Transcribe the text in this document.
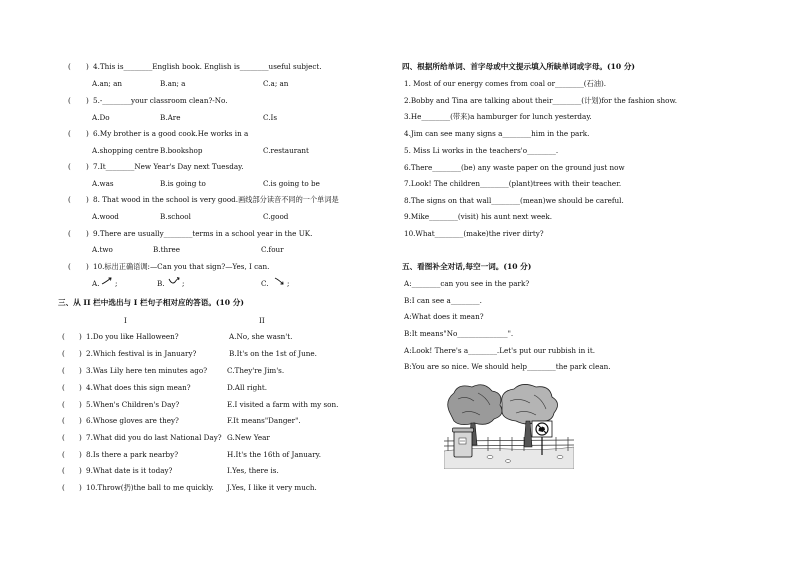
( ) 4.This is________English book. English is________useful subject.
A.an; an	B.an; a	C.a; an
( ) 5.-________your classroom clean?-No.
A.Do	B.Are	C.Is
( ) 6.My brother is a good cook.He works in a
A.shopping centre B.bookshop	C.restaurant
( ) 7.It________New Year's Day next Tuesday.
A.was	B.is going to	C.is going to be
( ) 8. That wood in the school is very good.画线部分读音不同的一个单词是
A.wood	B.school	C.good
( ) 9.There are usually________terms in a school year in the UK.
A.two	B.three	C.four
( ) 10.标出正确语调:—Can you that sign?—Yes, I can.
A. ;	B. ;	C.	;
三、从 II 栏中选出与 I 栏句子相对应的答语。(10 分)
I	II
( ) 1.Do you like Halloween?	A.No, she wasn't.
( ) 2.Which festival is in January?	B.It's on the 1st of June.
( ) 3.Was Lily here ten minutes ago?	C.They're Jim's.
( ) 4.What does this sign mean?	D.All right.
( ) 5.When's Children's Day?	E.I visited a farm with my son.
( ) 6.Whose gloves are they?	F.It means"Danger".
( ) 7.What did you do last National Day? G.New Year
( ) 8.Is there a park nearby?	H.It's the 16th of January.
( ) 9.What date is it today?	I.Yes, there is.
( ) 10.Throw(扔)the ball to me quickly. J.Yes, I like it very much.
四、根据所给单词、首字母或中文提示填入所缺单词或字母。(10 分)
1. Most of our energy comes from coal or________(石油).
2.Bobby and Tina are talking about their________(计划)for the fashion show.
3.He________(带来)a hamburger for lunch yesterday.
4.Jim can see many signs a________him in the park.
5. Miss Li works in the teachers'o________.
6.There________(be) any waste paper on the ground just now
7.Look! The children________(plant)trees with their teacher.
8.The signs on that wall________(mean)we should be careful.
9.Mike________(visit) his aunt next week.
10.What________(make)the river dirty?
五、看图补全对话,每空一词。(10 分)
A:________can you see in the park?
B:I can see a________.
A:What does it mean?
B:It means"No______________".
A:Look! There's a________.Let's put our rubbish in it.
B:You are so nice. We should help________the park clean.
